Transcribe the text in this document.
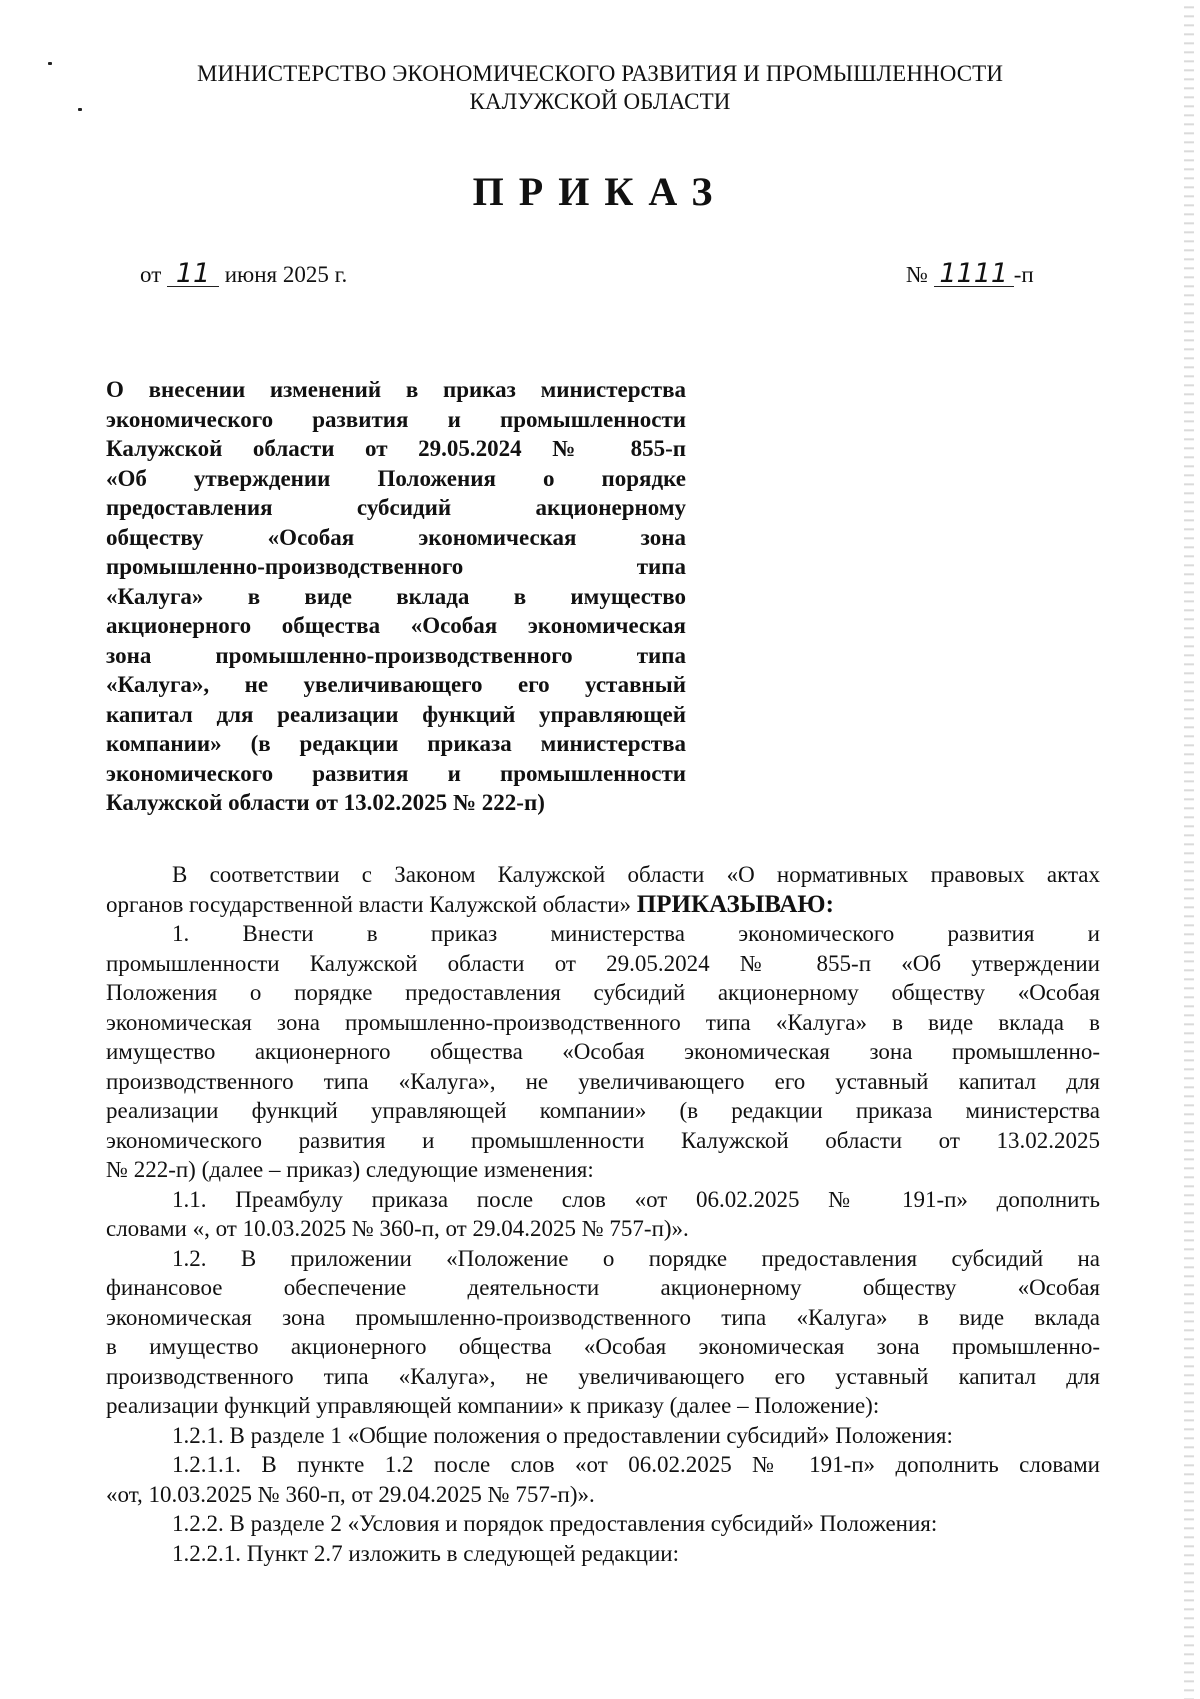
МИНИСТЕРСТВО ЭКОНОМИЧЕСКОГО РАЗВИТИЯ И ПРОМЫШЛЕННОСТИ
КАЛУЖСКОЙ ОБЛАСТИ
ПРИКАЗ
от 11 июня 2025 г.	№ 1111 -п
О внесении изменений в приказ министерства
экономического развития и промышленности
Калужской области от 29.05.2024 № 855-п
«Об утверждении Положения о порядке
предоставления субсидий акционерному
обществу «Особая экономическая зона
промышленно-производственного типа
«Калуга» в виде вклада в имущество
акционерного общества «Особая экономическая
зона промышленно-производственного типа
«Калуга», не увеличивающего его уставный
капитал для реализации функций управляющей
компании» (в редакции приказа министерства
экономического развития и промышленности
Калужской области от 13.02.2025 № 222-п)
В соответствии с Законом Калужской области «О нормативных правовых актах
органов государственной власти Калужской области» ПРИКАЗЫВАЮ:
1. Внести в приказ министерства экономического развития и
промышленности Калужской области от 29.05.2024 № 855-п «Об утверждении
Положения о порядке предоставления субсидий акционерному обществу «Особая
экономическая зона промышленно-производственного типа «Калуга» в виде вклада в
имущество акционерного общества «Особая экономическая зона промышленно-
производственного типа «Калуга», не увеличивающего его уставный капитал для
реализации функций управляющей компании» (в редакции приказа министерства
экономического развития и промышленности Калужской области от 13.02.2025
№ 222-п) (далее – приказ) следующие изменения:
1.1. Преамбулу приказа после слов «от 06.02.2025 № 191-п» дополнить
словами «, от 10.03.2025 № 360-п, от 29.04.2025 № 757-п)».
1.2. В приложении «Положение о порядке предоставления субсидий на
финансовое обеспечение деятельности акционерному обществу «Особая
экономическая зона промышленно-производственного типа «Калуга» в виде вклада
в имущество акционерного общества «Особая экономическая зона промышленно-
производственного типа «Калуга», не увеличивающего его уставный капитал для
реализации функций управляющей компании» к приказу (далее – Положение):
1.2.1. В разделе 1 «Общие положения о предоставлении субсидий» Положения:
1.2.1.1. В пункте 1.2 после слов «от 06.02.2025 № 191-п» дополнить словами
«от, 10.03.2025 № 360-п, от 29.04.2025 № 757-п)».
1.2.2. В разделе 2 «Условия и порядок предоставления субсидий» Положения:
1.2.2.1. Пункт 2.7 изложить в следующей редакции:
